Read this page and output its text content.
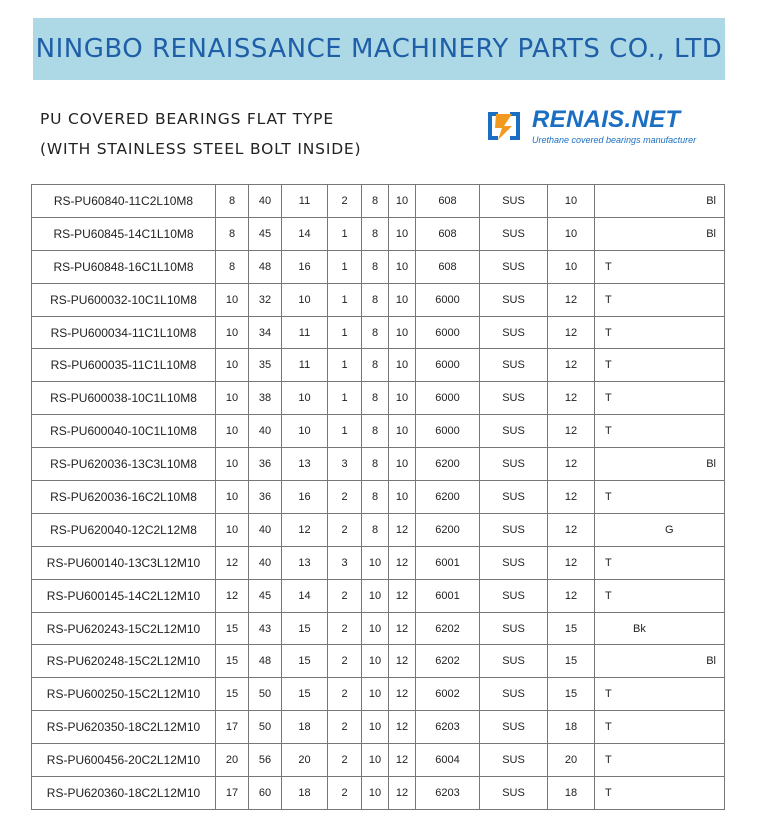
NINGBO RENAISSANCE MACHINERY PARTS CO., LTD
PU COVERED BEARINGS FLAT TYPE
(WITH STAINLESS STEEL BOLT INSIDE)
RENAIS.NET
Urethane covered bearings manufacturer
RS-PU60840-11C2L10M8	8	40	11	2	8	10	608	SUS	10	Bl
RS-PU60845-14C1L10M8	8	45	14	1	8	10	608	SUS	10	Bl
RS-PU60848-16C1L10M8	8	48	16	1	8	10	608	SUS	10	T
RS-PU600032-10C1L10M8	10	32	10	1	8	10	6000	SUS	12	T
RS-PU600034-11C1L10M8	10	34	11	1	8	10	6000	SUS	12	T
RS-PU600035-11C1L10M8	10	35	11	1	8	10	6000	SUS	12	T
RS-PU600038-10C1L10M8	10	38	10	1	8	10	6000	SUS	12	T
RS-PU600040-10C1L10M8	10	40	10	1	8	10	6000	SUS	12	T
RS-PU620036-13C3L10M8	10	36	13	3	8	10	6200	SUS	12	Bl
RS-PU620036-16C2L10M8	10	36	16	2	8	10	6200	SUS	12	T
RS-PU620040-12C2L12M8	10	40	12	2	8	12	6200	SUS	12	G
RS-PU600140-13C3L12M10	12	40	13	3	10	12	6001	SUS	12	T
RS-PU600145-14C2L12M10	12	45	14	2	10	12	6001	SUS	12	T
RS-PU620243-15C2L12M10	15	43	15	2	10	12	6202	SUS	15	Bk
RS-PU620248-15C2L12M10	15	48	15	2	10	12	6202	SUS	15	Bl
RS-PU600250-15C2L12M10	15	50	15	2	10	12	6002	SUS	15	T
RS-PU620350-18C2L12M10	17	50	18	2	10	12	6203	SUS	18	T
RS-PU600456-20C2L12M10	20	56	20	2	10	12	6004	SUS	20	T
RS-PU620360-18C2L12M10	17	60	18	2	10	12	6203	SUS	18	T
